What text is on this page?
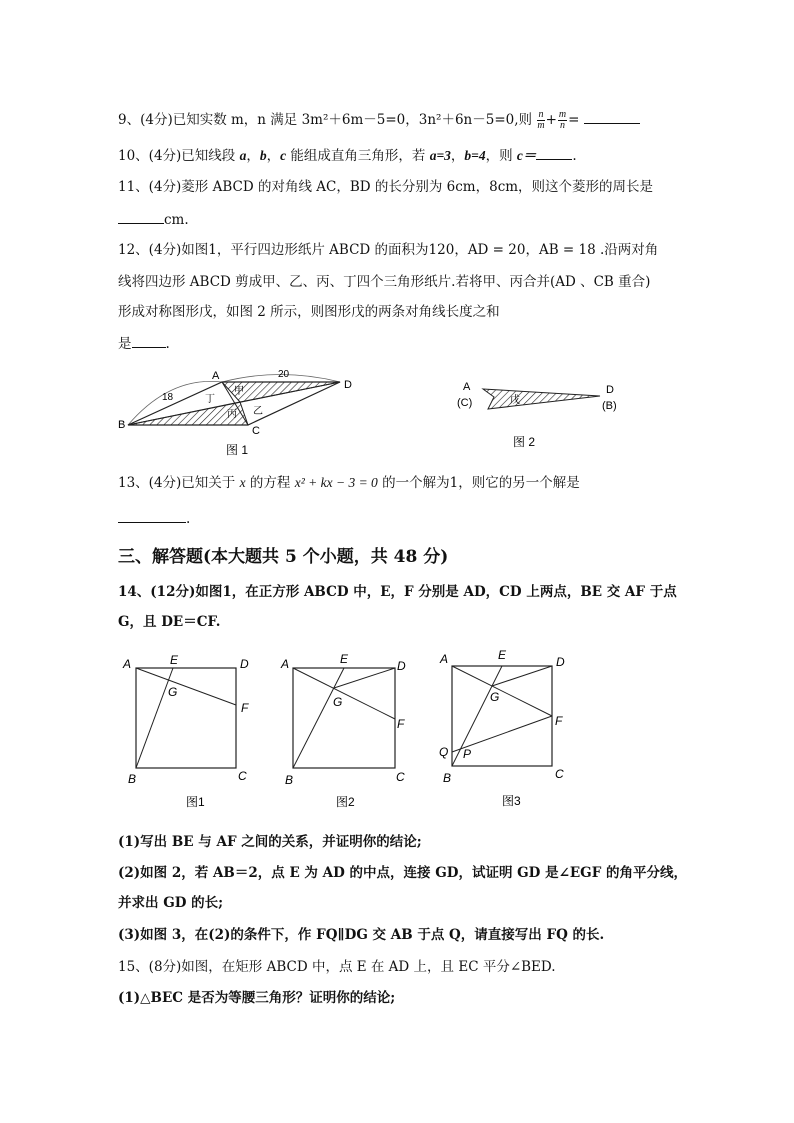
9、(4分)已知实数 m，n 满足 3m²＋6m－5=0，3n²＋6n－5=0,则 $\frac{n}{m} + \frac{m}{n}$ =
10、(4分)已知线段 a，b，c 能组成直角三角形，若 a=3，b=4，则 c＝	.
11、(4分)菱形 ABCD 的对角线 AC，BD 的长分别为 6cm，8cm，则这个菱形的周长是
cm.
12、(4分)如图1，平行四边形纸片 ABCD 的面积为120，AD = 20，AB = 18 .沿两对角
线将四边形 ABCD 剪成甲、乙、丙、丁四个三角形纸片.若将甲、丙合并(AD 、CB 重合)
形成对称图形戊，如图 2 所示，则图形戊的两条对角线长度之和
是	.
A
B	C
D
18
20
甲
乙
丙
丁
图 1
A
(C)
D
(B)
戊
图 2
13、(4分)已知关于 x 的方程 x² + kx − 3 = 0 的一个解为1，则它的另一个解是
.
三、解答题(本大题共 5 个小题，共 48 分)
14、(12分)如图1，在正方形 ABCD 中，E，F 分别是 AD，CD 上两点，BE 交 AF 于点
G，且 DE＝CF.
A	E	D
G
F
B	C
图1
A	E	D
G
F
B	C
图2
A	E	D
G
F
P
Q
B	C
图3
(1)写出 BE 与 AF 之间的关系，并证明你的结论;
(2)如图 2，若 AB＝2，点 E 为 AD 的中点，连接 GD，试证明 GD 是∠EGF 的角平分线，
并求出 GD 的长;
(3)如图 3，在(2)的条件下，作 FQ∥DG 交 AB 于点 Q，请直接写出 FQ 的长.
15、(8分)如图，在矩形 ABCD 中，点 E 在 AD 上，且 EC 平分∠BED.
(1)△BEC 是否为等腰三角形？证明你的结论;
